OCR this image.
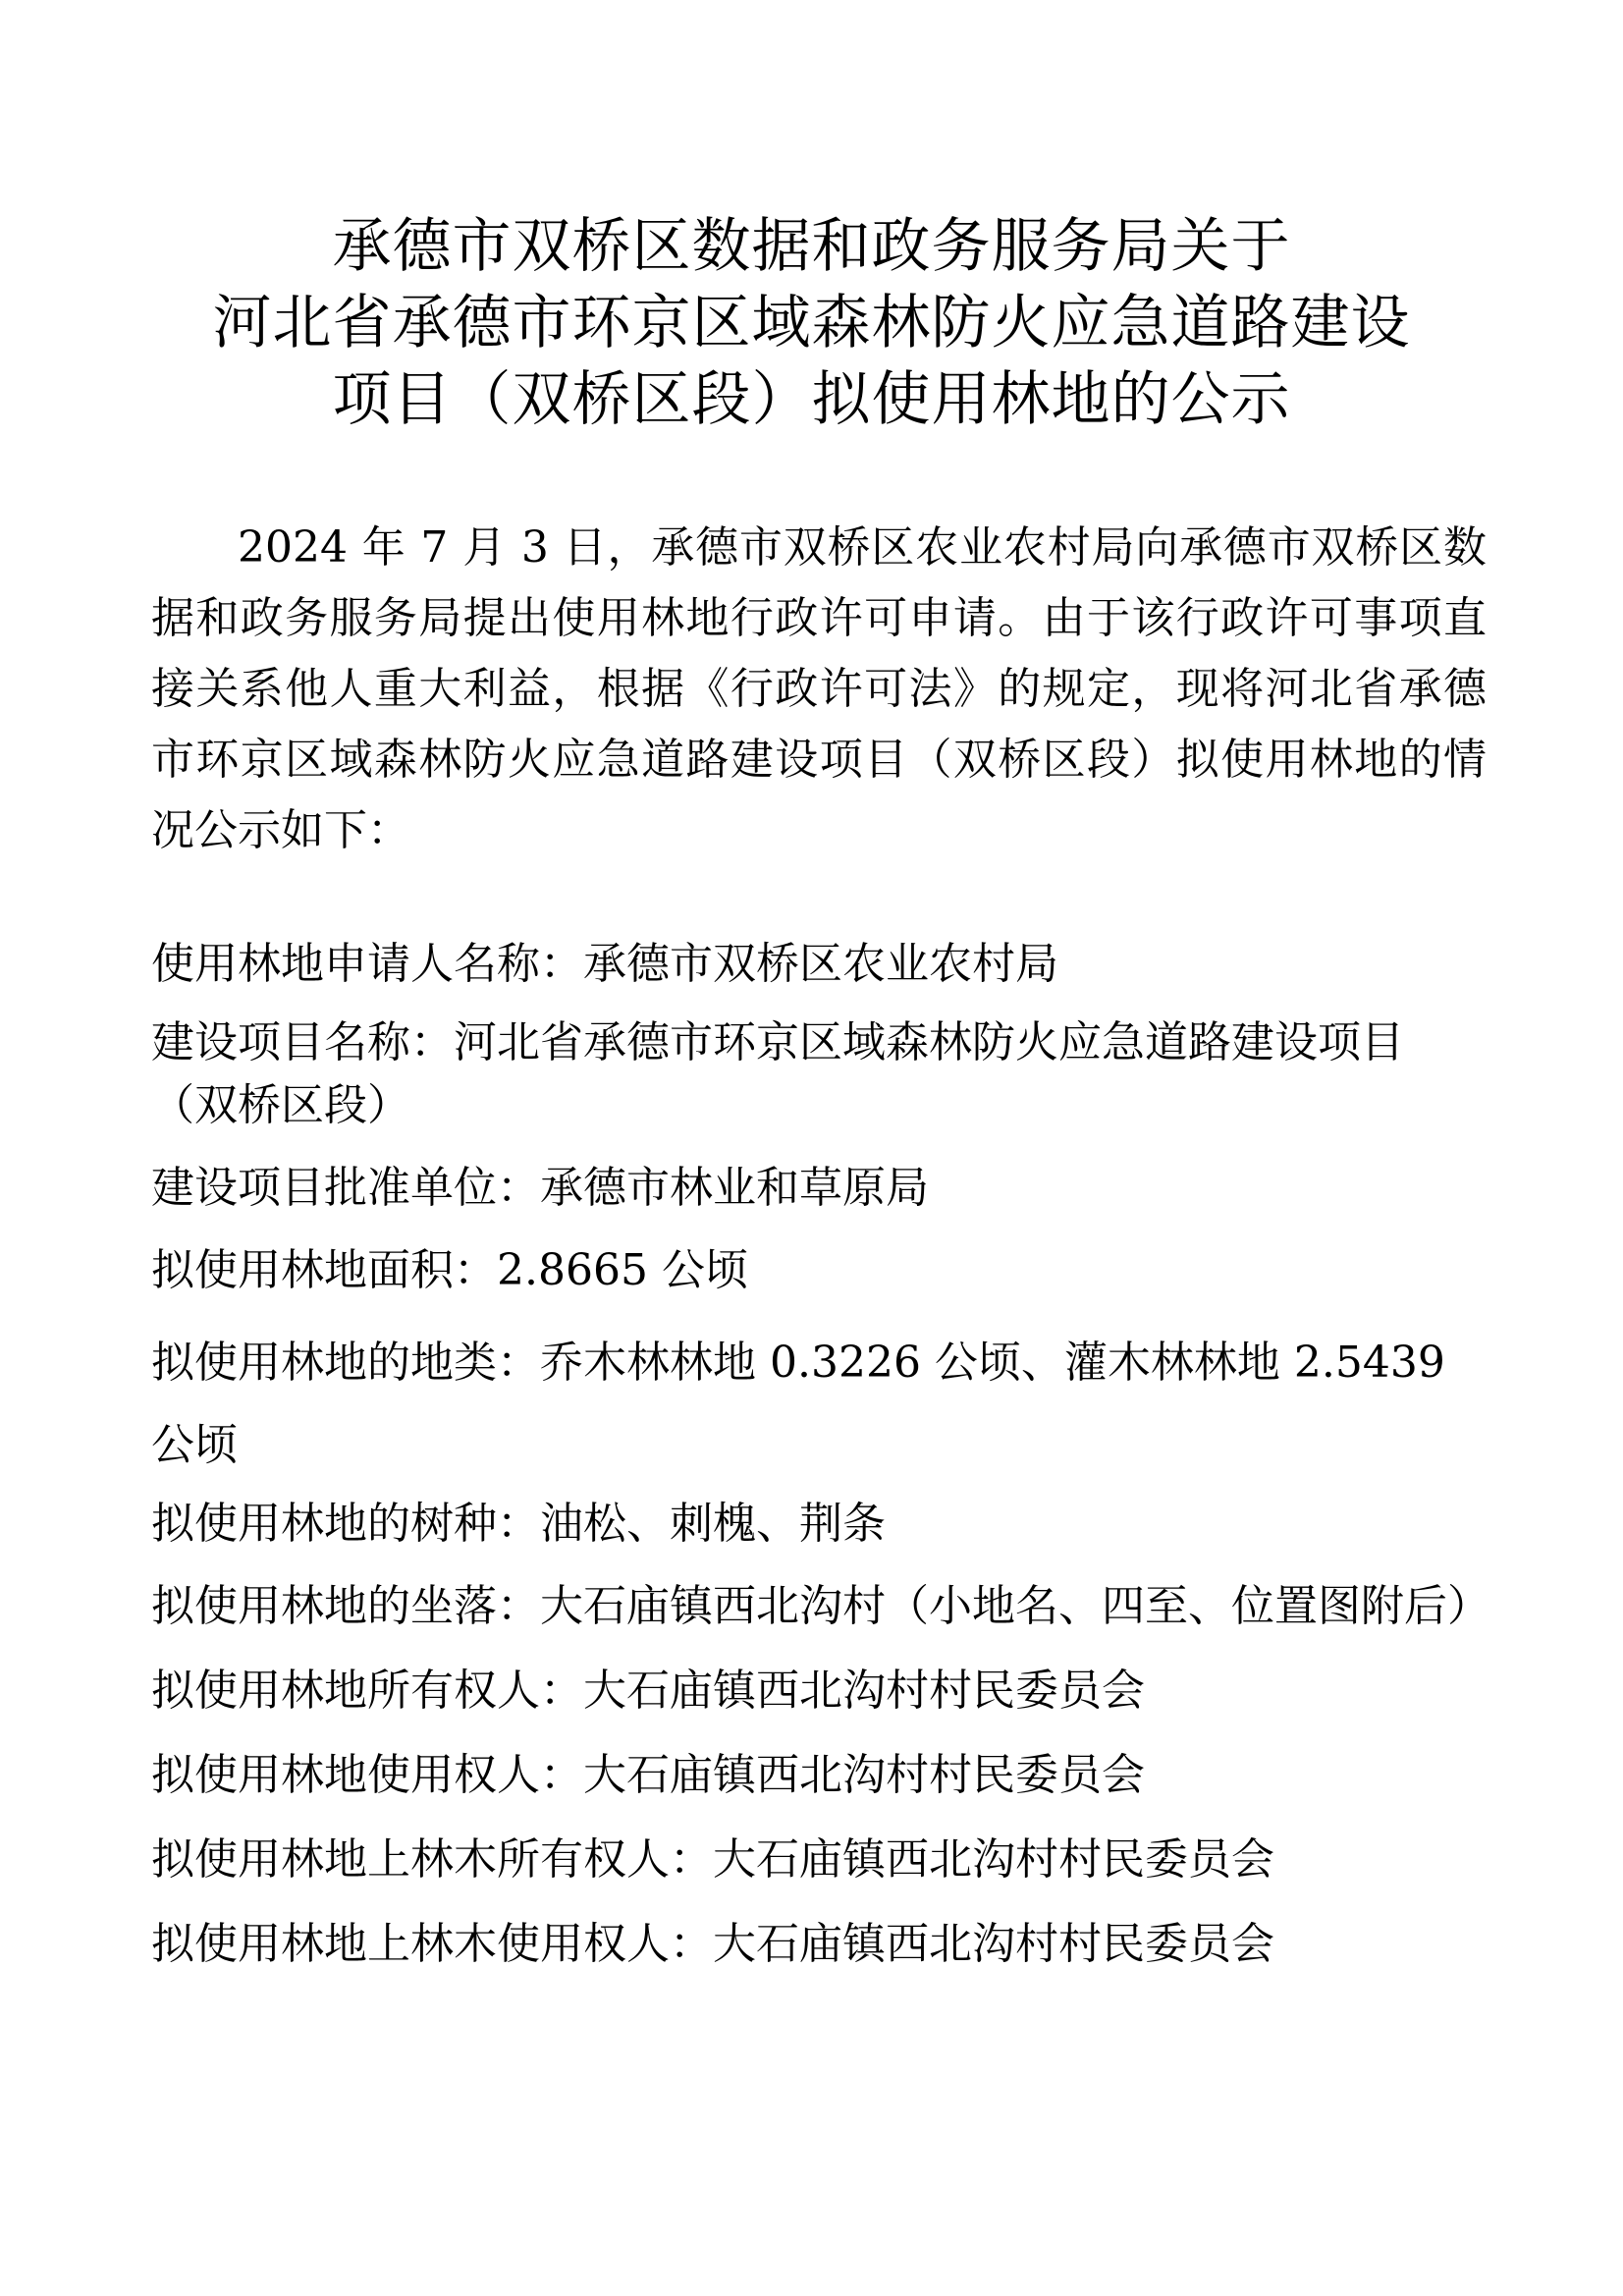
承德市双桥区数据和政务服务局关于
河北省承德市环京区域森林防火应急道路建设
项目（双桥区段）拟使用林地的公示
2024 年 7 月 3 日，承德市双桥区农业农村局向承德市双桥区数据和政务服务局提出使用林地行政许可申请。由于该行政许可事项直接关系他人重大利益，根据《行政许可法》的规定，现将河北省承德市环京区域森林防火应急道路建设项目（双桥区段）拟使用林地的情况公示如下：
使用林地申请人名称：承德市双桥区农业农村局
建设项目名称：河北省承德市环京区域森林防火应急道路建设项目（双桥区段）
建设项目批准单位：承德市林业和草原局
拟使用林地面积：2.8665 公顷
拟使用林地的地类：乔木林林地 0.3226 公顷、灌木林林地 2.5439 公顷
拟使用林地的树种：油松、刺槐、荆条
拟使用林地的坐落：大石庙镇西北沟村（小地名、四至、位置图附后）
拟使用林地所有权人：大石庙镇西北沟村村民委员会
拟使用林地使用权人：大石庙镇西北沟村村民委员会
拟使用林地上林木所有权人：大石庙镇西北沟村村民委员会
拟使用林地上林木使用权人：大石庙镇西北沟村村民委员会
